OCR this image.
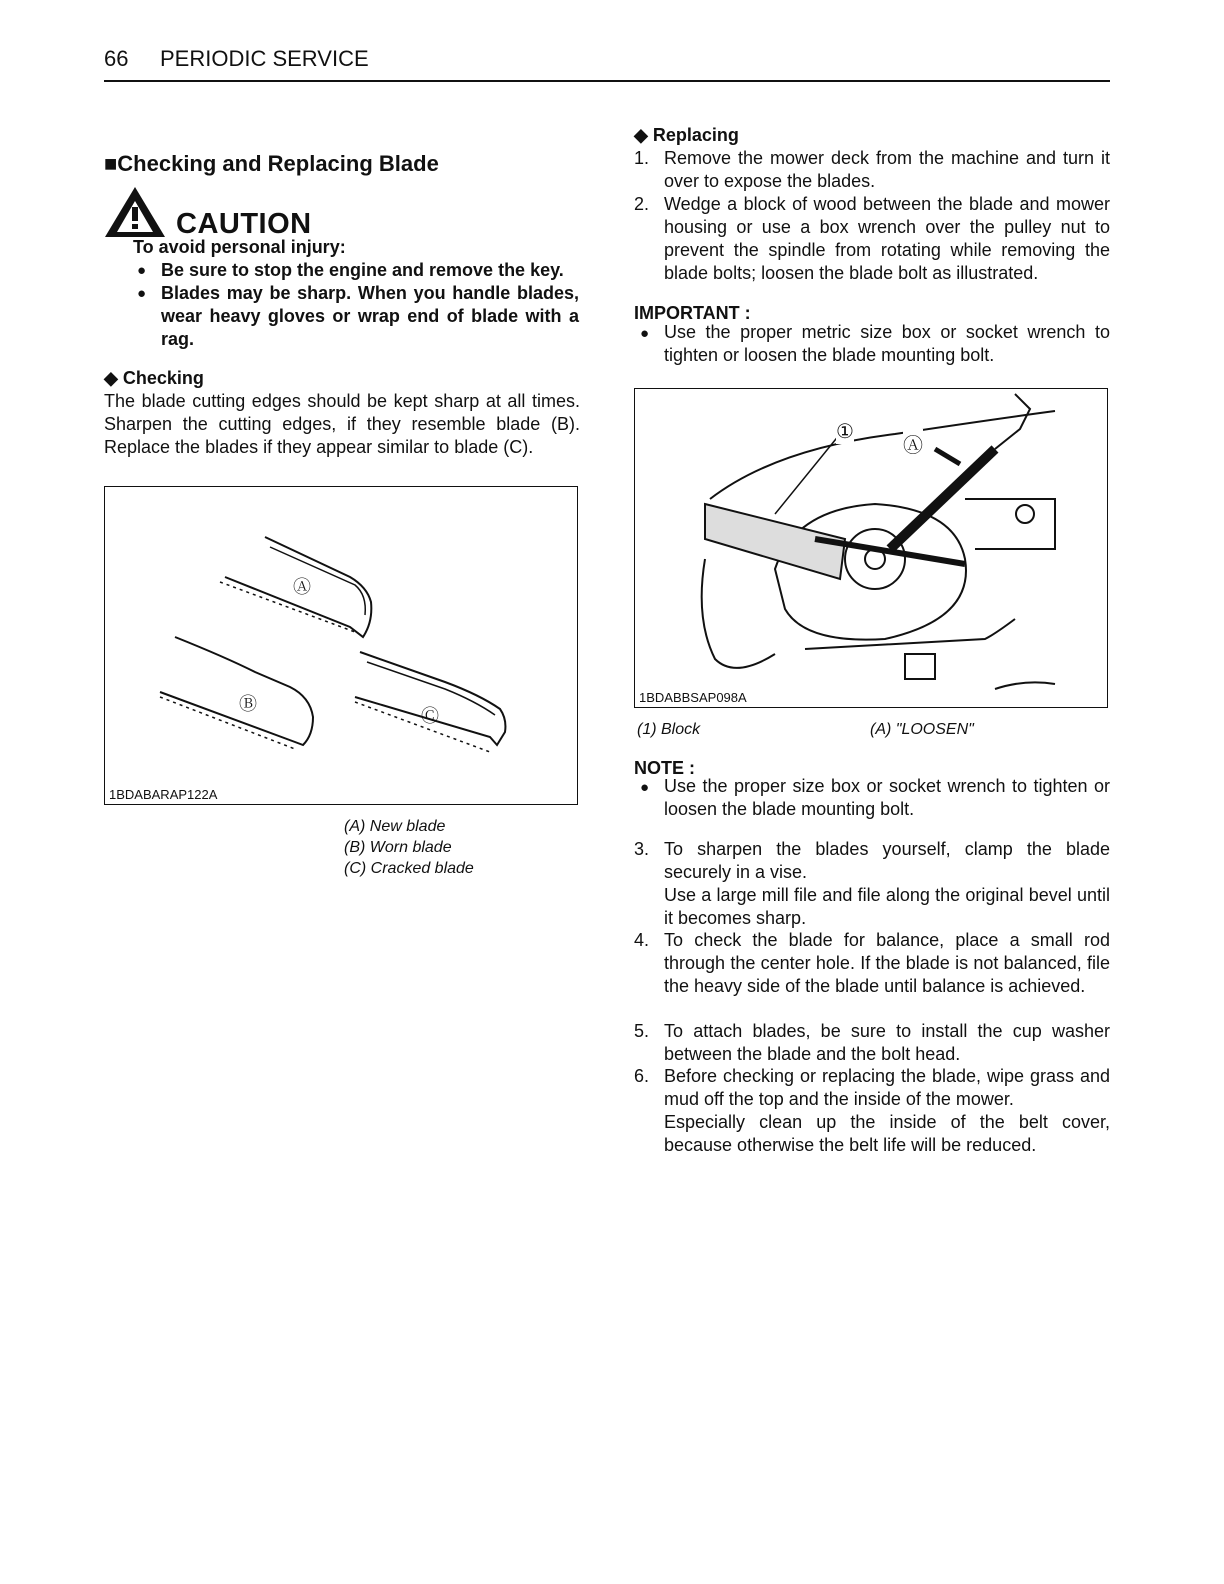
66 PERIODIC SERVICE
■Checking and Replacing Blade
CAUTION
To avoid personal injury:
● Be sure to stop the engine and remove the key.
● Blades may be sharp. When you handle blades, wear heavy gloves or wrap end of blade with a rag.
◆ Checking
The blade cutting edges should be kept sharp at all times. Sharpen the cutting edges, if they resemble blade (B). Replace the blades if they appear similar to blade (C).
Ⓐ
Ⓑ
Ⓒ
1BDABARAP122A
(A) New blade
(B) Worn blade
(C) Cracked blade
◆ Replacing
1. Remove the mower deck from the machine and turn it over to expose the blades.
2. Wedge a block of wood between the blade and mower housing or use a box wrench over the pulley nut to prevent the spindle from rotating while removing the blade bolts; loosen the blade bolt as illustrated.
IMPORTANT :
● Use the proper metric size box or socket wrench to tighten or loosen the blade mounting bolt.
①
Ⓐ
1BDABBSAP098A
(1) Block	(A) "LOOSEN"
NOTE :
● Use the proper size box or socket wrench to tighten or loosen the blade mounting bolt.
3. To sharpen the blades yourself, clamp the blade securely in a vise.
Use a large mill file and file along the original bevel until it becomes sharp.
4. To check the blade for balance, place a small rod through the center hole. If the blade is not balanced, file the heavy side of the blade until balance is achieved.
5. To attach blades, be sure to install the cup washer between the blade and the bolt head.
6. Before checking or replacing the blade, wipe grass and mud off the top and the inside of the mower.
Especially clean up the inside of the belt cover, because otherwise the belt life will be reduced.
